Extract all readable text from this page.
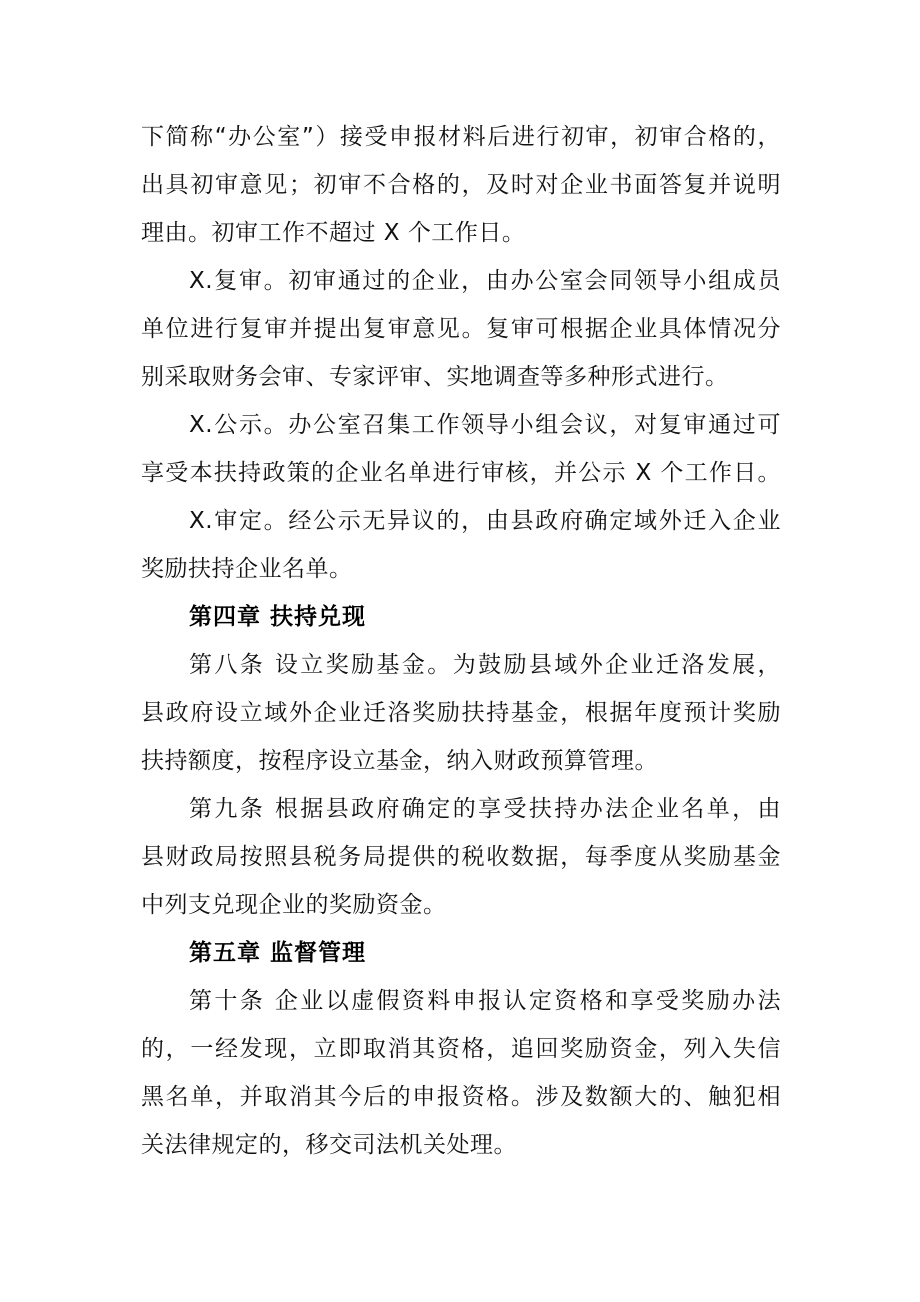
下简称“办公室”）接受申报材料后进行初审，初审合格的，

出具初审意见；初审不合格的，及时对企业书面答复并说明

理由。初审工作不超过 X 个工作日。

X.复审。初审通过的企业，由办公室会同领导小组成员

单位进行复审并提出复审意见。复审可根据企业具体情况分

别采取财务会审、专家评审、实地调查等多种形式进行。

X.公示。办公室召集工作领导小组会议，对复审通过可

享受本扶持政策的企业名单进行审核，并公示 X 个工作日。

X.审定。经公示无异议的，由县政府确定域外迁入企业

奖励扶持企业名单。

第四章 扶持兑现

第八条 设立奖励基金。为鼓励县域外企业迁洛发展，

县政府设立域外企业迁洛奖励扶持基金，根据年度预计奖励

扶持额度，按程序设立基金，纳入财政预算管理。

第九条 根据县政府确定的享受扶持办法企业名单，由

县财政局按照县税务局提供的税收数据，每季度从奖励基金

中列支兑现企业的奖励资金。

第五章 监督管理

第十条 企业以虚假资料申报认定资格和享受奖励办法

的，一经发现，立即取消其资格，追回奖励资金，列入失信

黑名单，并取消其今后的申报资格。涉及数额大的、触犯相

关法律规定的，移交司法机关处理。
